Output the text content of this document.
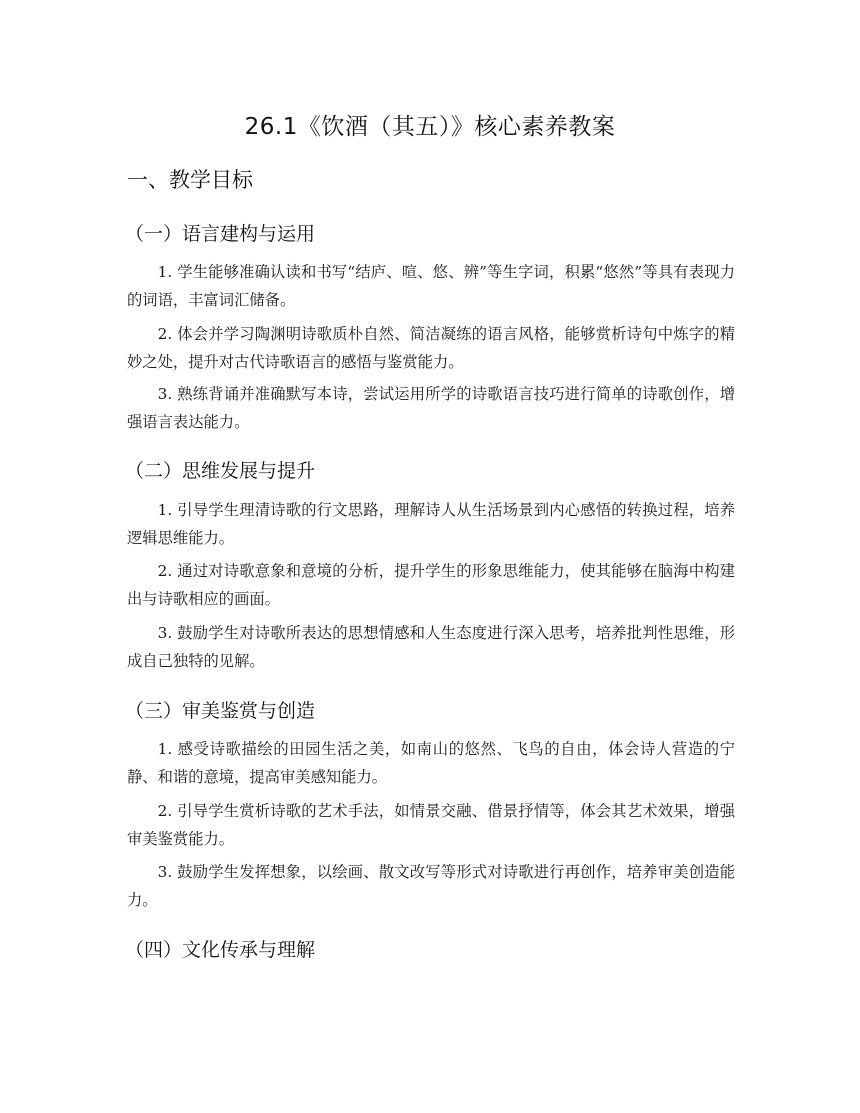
26.1《饮酒（其五）》核心素养教案
一、教学目标
（一）语言建构与运用

1. 学生能够准确认读和书写“结庐、喧、悠、辨”等生字词，积累“悠然”等具有表现力的词语，丰富词汇储备。

2. 体会并学习陶渊明诗歌质朴自然、简洁凝练的语言风格，能够赏析诗句中炼字的精妙之处，提升对古代诗歌语言的感悟与鉴赏能力。

3. 熟练背诵并准确默写本诗，尝试运用所学的诗歌语言技巧进行简单的诗歌创作，增强语言表达能力。

（二）思维发展与提升

1. 引导学生理清诗歌的行文思路，理解诗人从生活场景到内心感悟的转换过程，培养逻辑思维能力。

2. 通过对诗歌意象和意境的分析，提升学生的形象思维能力，使其能够在脑海中构建出与诗歌相应的画面。

3. 鼓励学生对诗歌所表达的思想情感和人生态度进行深入思考，培养批判性思维，形成自己独特的见解。

（三）审美鉴赏与创造

1. 感受诗歌描绘的田园生活之美，如南山的悠然、飞鸟的自由，体会诗人营造的宁静、和谐的意境，提高审美感知能力。

2. 引导学生赏析诗歌的艺术手法，如情景交融、借景抒情等，体会其艺术效果，增强审美鉴赏能力。

3. 鼓励学生发挥想象，以绘画、散文改写等形式对诗歌进行再创作，培养审美创造能力。

（四）文化传承与理解
